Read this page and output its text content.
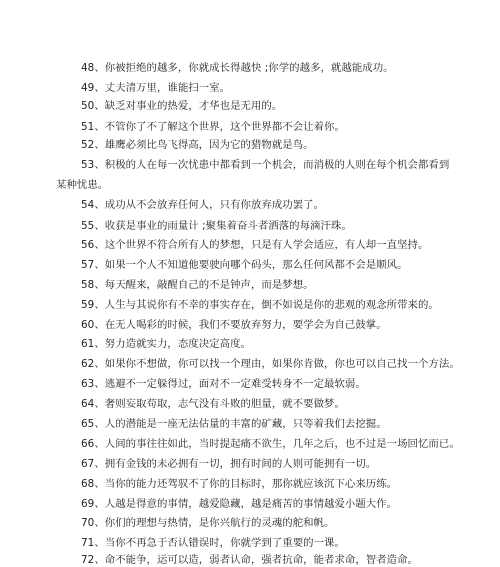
48、你被拒绝的越多，你就成长得越快 ;你学的越多，就越能成功。
49、丈夫清万里，谁能扫一室。
50、缺乏对事业的热爱，才华也是无用的。
51、不管你了不了解这个世界，这个世界都不会让着你。
52、雄鹰必须比鸟飞得高，因为它的猎物就是鸟。
53、积极的人在每一次忧患中都看到一个机会，而消极的人则在每个机会都看到
某种忧患。
54、成功从不会放弃任何人，只有你放弃成功罢了。
55、收获是事业的雨量计 ;聚集着奋斗者洒落的每滴汗珠。
56、这个世界不符合所有人的梦想，只是有人学会适应，有人却一直坚持。
57、如果一个人不知道他要驶向哪个码头，那么任何风都不会是顺风。
58、每天醒来，敲醒自己的不是钟声，而是梦想。
59、人生与其说你有不幸的事实存在，倒不如说是你的悲观的观念所带来的。
60、在无人喝彩的时候，我们不要放弃努力，要学会为自己鼓掌。
61、努力造就实力，态度决定高度。
62、如果你不想做，你可以找一个理由，如果你肯做，你也可以自己找一个方法。
63、逃避不一定躲得过，面对不一定难受转身不一定最软弱。
64、奢则妄取苟取，志气没有斗败的胆量，就不要做梦。
65、人的潜能是一座无法估量的丰富的矿藏，只等着我们去挖掘。
66、人间的事往往如此，当时提起痛不欲生，几年之后，也不过是一场回忆而已。
67、拥有金钱的未必拥有一切，拥有时间的人则可能拥有一切。
68、当你的能力还驾驭不了你的目标时，那你就应该沉下心来历练。
69、人越是得意的事情，越爱隐藏，越是痛苦的事情越爱小题大作。
70、你们的理想与热情，是你兴航行的灵魂的舵和帆。
71、当你不再急于否认错误时，你就学到了重要的一课。
72、命不能争，运可以造，弱者认命，强者抗命，能者求命，智者造命。
